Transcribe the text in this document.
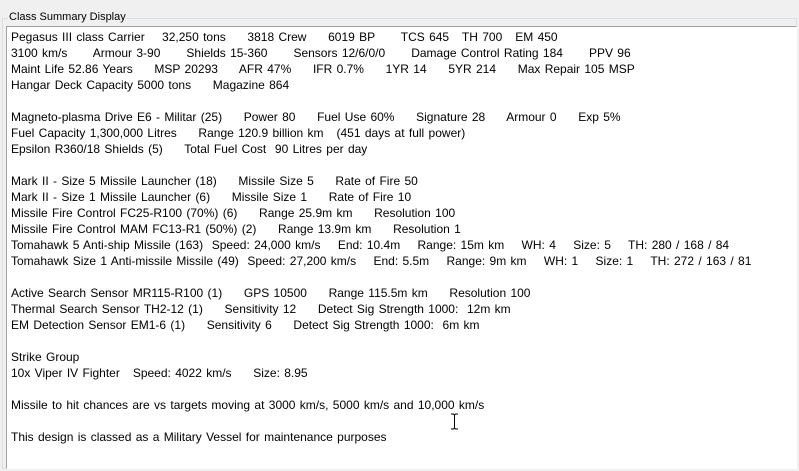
Class Summary Display
Pegasus III class Carrier    32,250 tons     3818 Crew     6019 BP      TCS 645   TH 700   EM 450
3100 km/s      Armour 3-90      Shields 15-360      Sensors 12/6/0/0      Damage Control Rating 184      PPV 96
Maint Life 52.86 Years     MSP 20293     AFR 47%     IFR 0.7%     1YR 14     5YR 214     Max Repair 105 MSP
Hangar Deck Capacity 5000 tons     Magazine 864
Magneto-plasma Drive E6 - Militar (25)     Power 80     Fuel Use 60%     Signature 28     Armour 0     Exp 5%
Fuel Capacity 1,300,000 Litres     Range 120.9 billion km   (451 days at full power)
Epsilon R360/18 Shields (5)     Total Fuel Cost  90 Litres per day
Mark II - Size 5 Missile Launcher (18)     Missile Size 5     Rate of Fire 50
Mark II - Size 1 Missile Launcher (6)     Missile Size 1     Rate of Fire 10
Missile Fire Control FC25-R100 (70%) (6)     Range 25.9m km     Resolution 100
Missile Fire Control MAM FC13-R1 (50%) (2)     Range 13.9m km     Resolution 1
Tomahawk 5 Anti-ship Missile (163)  Speed: 24,000 km/s    End: 10.4m    Range: 15m km    WH: 4    Size: 5    TH: 280 / 168 / 84
Tomahawk Size 1 Anti-missile Missile (49)  Speed: 27,200 km/s    End: 5.5m    Range: 9m km    WH: 1    Size: 1    TH: 272 / 163 / 81
Active Search Sensor MR115-R100 (1)     GPS 10500     Range 115.5m km     Resolution 100
Thermal Search Sensor TH2-12 (1)     Sensitivity 12     Detect Sig Strength 1000:  12m km
EM Detection Sensor EM1-6 (1)     Sensitivity 6     Detect Sig Strength 1000:  6m km
Strike Group
10x Viper IV Fighter   Speed: 4022 km/s     Size: 8.95
Missile to hit chances are vs targets moving at 3000 km/s, 5000 km/s and 10,000 km/s
This design is classed as a Military Vessel for maintenance purposes
